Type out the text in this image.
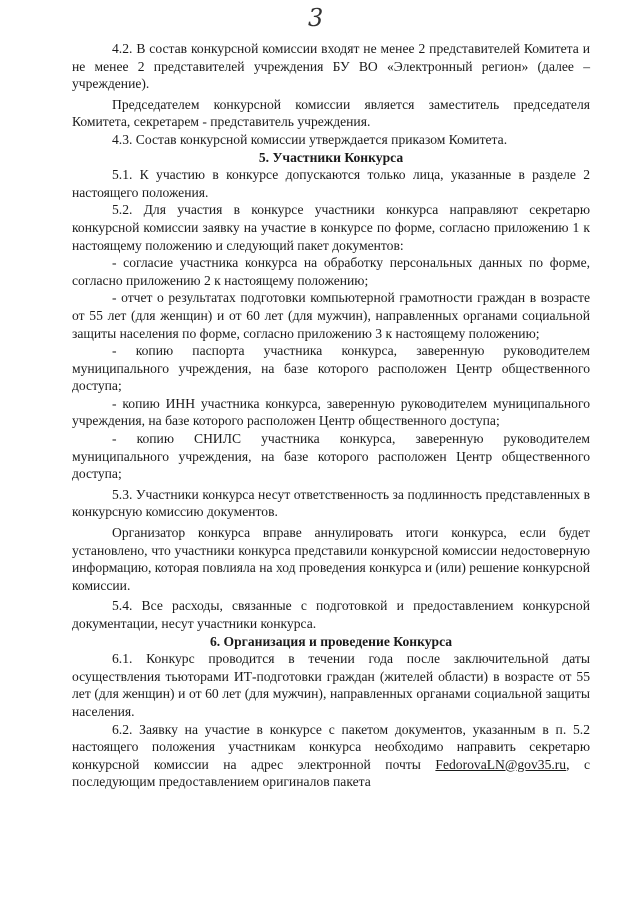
3

4.2. В состав конкурсной комиссии входят не менее 2 представителей Комитета и не менее 2 представителей учреждения БУ ВО «Электронный регион» (далее – учреждение).

Председателем конкурсной комиссии является заместитель председателя Комитета, секретарем - представитель учреждения.

4.3. Состав конкурсной комиссии утверждается приказом Комитета.

5. Участники Конкурса

5.1. К участию в конкурсе допускаются только лица, указанные в разделе 2 настоящего положения.

5.2. Для участия в конкурсе участники конкурса направляют секретарю конкурсной комиссии заявку на участие в конкурсе по форме, согласно приложению 1 к настоящему положению и следующий пакет документов:

- согласие участника конкурса на обработку персональных данных по форме, согласно приложению 2 к настоящему положению;

- отчет о результатах подготовки компьютерной грамотности граждан в возрасте от 55 лет (для женщин) и от 60 лет (для мужчин), направленных органами социальной защиты населения по форме, согласно приложению 3 к настоящему положению;

- копию паспорта участника конкурса, заверенную руководителем муниципального учреждения, на базе которого расположен Центр общественного доступа;

- копию ИНН участника конкурса, заверенную руководителем муниципального учреждения, на базе которого расположен Центр общественного доступа;

- копию СНИЛС участника конкурса, заверенную руководителем муниципального учреждения, на базе которого расположен Центр общественного доступа;

5.3. Участники конкурса несут ответственность за подлинность представленных в конкурсную комиссию документов.

Организатор конкурса вправе аннулировать итоги конкурса, если будет установлено, что участники конкурса представили конкурсной комиссии недостоверную информацию, которая повлияла на ход проведения конкурса и (или) решение конкурсной комиссии.

5.4. Все расходы, связанные с подготовкой и предоставлением конкурсной документации, несут участники конкурса.

6. Организация и проведение Конкурса

6.1. Конкурс проводится в течении года после заключительной даты осуществления тьюторами ИТ-подготовки граждан (жителей области) в возрасте от 55 лет (для женщин) и от 60 лет (для мужчин), направленных органами социальной защиты населения.

6.2. Заявку на участие в конкурсе с пакетом документов, указанным в п. 5.2 настоящего положения участникам конкурса необходимо направить секретарю конкурсной комиссии на адрес электронной почты FedorovaLN@gov35.ru, с последующим предоставлением оригиналов пакета
